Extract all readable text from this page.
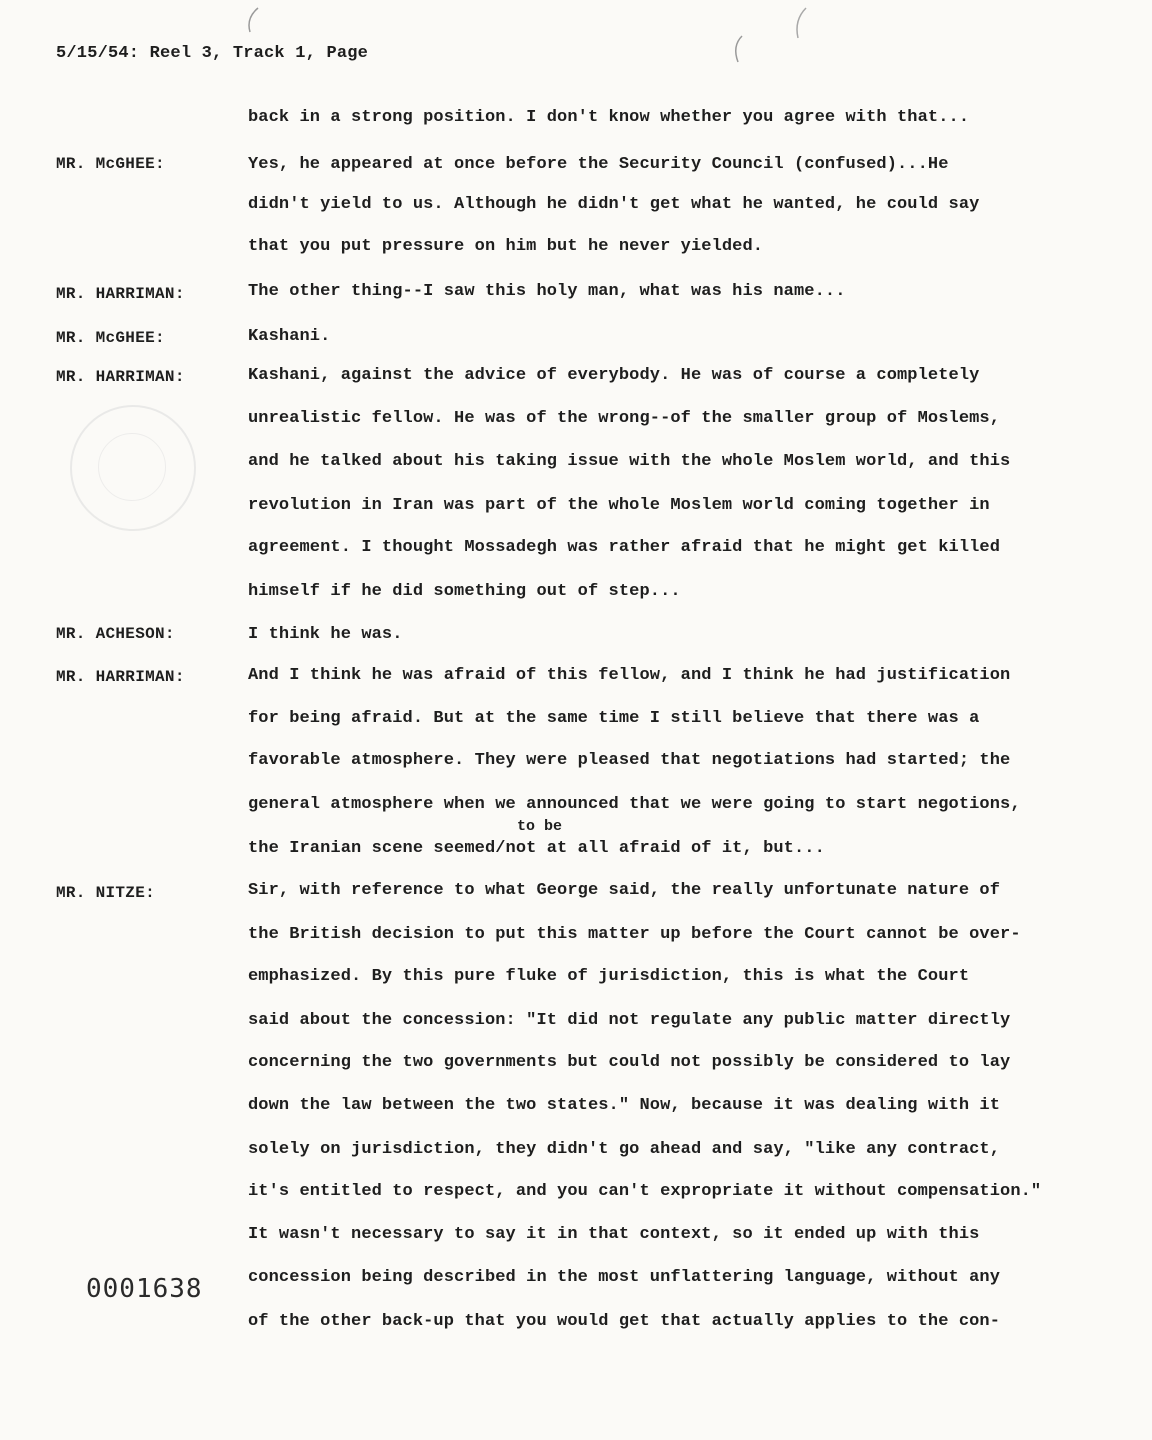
5/15/54: Reel 3, Track 1, Page
MR. McGHEE:
MR. HARRIMAN:
MR. McGHEE:
MR. HARRIMAN:
MR. ACHESON:
MR. HARRIMAN:
MR. NITZE:
back in a strong position. I don't know whether you agree with that...
Yes, he appeared at once before the Security Council (confused)...He
didn't yield to us. Although he didn't get what he wanted, he could say
that you put pressure on him but he never yielded.
The other thing--I saw this holy man, what was his name...
Kashani.
Kashani, against the advice of everybody. He was of course a completely
unrealistic fellow. He was of the wrong--of the smaller group of Moslems,
and he talked about his taking issue with the whole Moslem world, and this
revolution in Iran was part of the whole Moslem world coming together in
agreement. I thought Mossadegh was rather afraid that he might get killed
himself if he did something out of step...
I think he was.
And I think he was afraid of this fellow, and I think he had justification
for being afraid. But at the same time I still believe that there was a
favorable atmosphere. They were pleased that negotiations had started; the
general atmosphere when we announced that we were going to start negotions,
the Iranian scene seemed/not at all afraid of it, but...
Sir, with reference to what George said, the really unfortunate nature of
the British decision to put this matter up before the Court cannot be over-
emphasized. By this pure fluke of jurisdiction, this is what the Court
said about the concession: "It did not regulate any public matter directly
concerning the two governments but could not possibly be considered to lay
down the law between the two states." Now, because it was dealing with it
solely on jurisdiction, they didn't go ahead and say, "like any contract,
it's entitled to respect, and you can't expropriate it without compensation."
It wasn't necessary to say it in that context, so it ended up with this
concession being described in the most unflattering language, without any
of the other back-up that you would get that actually applies to the con-
to be
0001638
